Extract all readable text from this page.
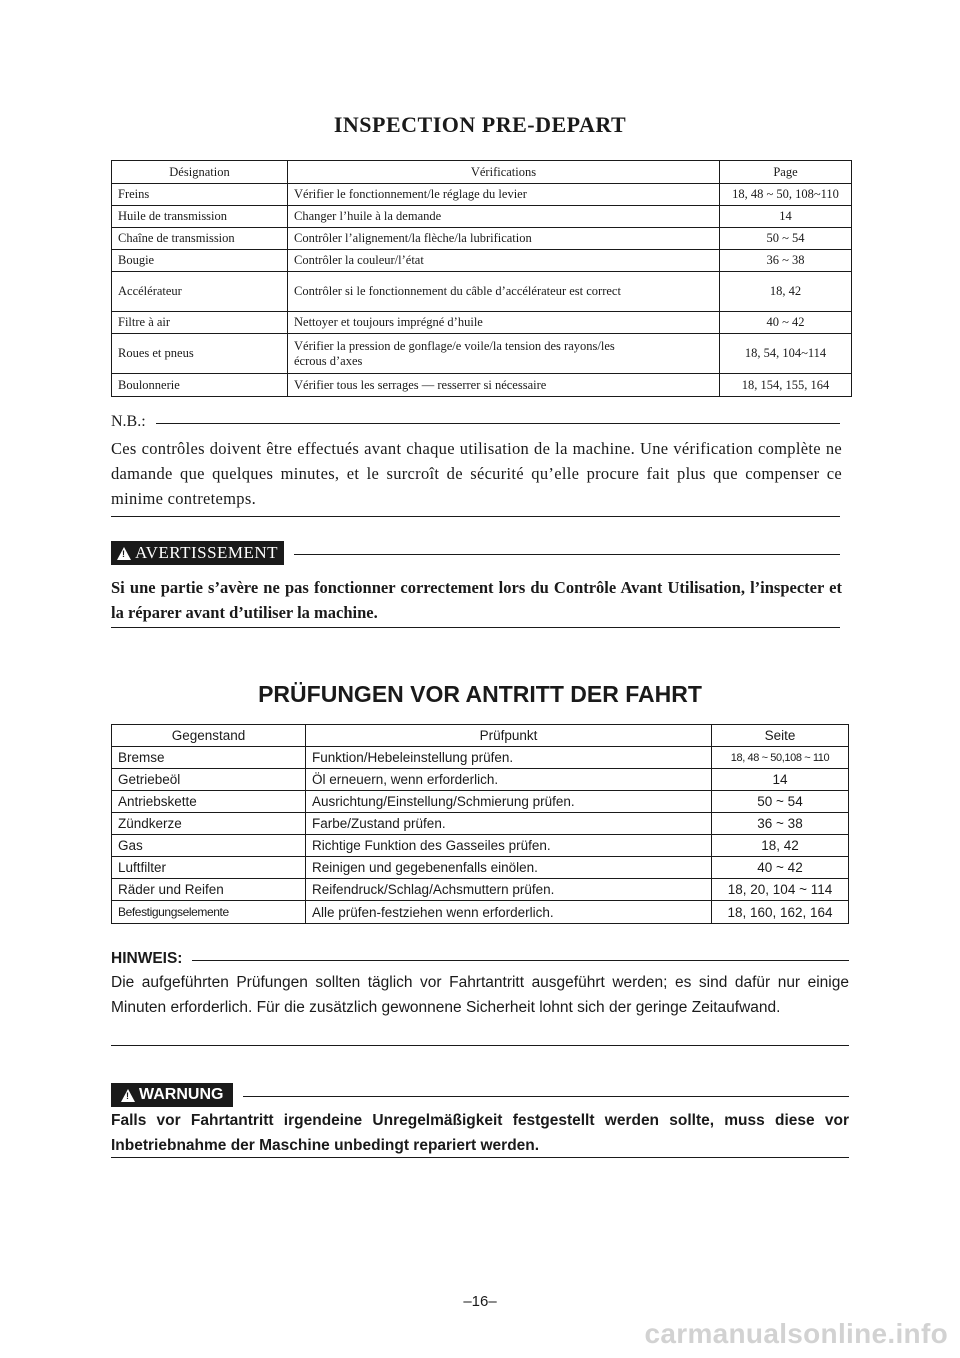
INSPECTION PRE-DEPART
Désignation	Vérifications	Page
Freins	Vérifier le fonctionnement/le réglage du levier	18, 48 ~ 50, 108~110
Huile de transmission	Changer l’huile à la demande	14
Chaîne de transmission	Contrôler l’alignement/la flèche/la lubrification	50 ~ 54
Bougie	Contrôler la couleur/l’état	36 ~ 38
Accélérateur	Contrôler si le fonctionnement du câble d’accélérateur est correct	18, 42
Filtre à air	Nettoyer et toujours imprégné d’huile	40 ~ 42
Roues et pneus	Vérifier la pression de gonflage/e voile/la tension des rayons/les écrous d’axes	18, 54, 104~114
Boulonnerie	Vérifier tous les serrages — resserrer si nécessaire	18, 154, 155, 164
N.B.:
Ces contrôles doivent être effectués avant chaque utilisation de la machine. Une vérification complète ne damande que quelques minutes, et le surcroît de sécurité qu’elle procure fait plus que compenser ce minime contretemps.
! AVERTISSEMENT
Si une partie s’avère ne pas fonctionner correctement lors du Contrôle Avant Utilisation, l’inspecter et la réparer avant d’utiliser la machine.
PRÜFUNGEN VOR ANTRITT DER FAHRT
Gegenstand	Prüfpunkt	Seite
Bremse	Funktion/Hebeleinstellung prüfen.	18, 48 ~ 50,108 ~ 110
Getriebeöl	Öl erneuern, wenn erforderlich.	14
Antriebskette	Ausrichtung/Einstellung/Schmierung prüfen.	50 ~ 54
Zündkerze	Farbe/Zustand prüfen.	36 ~ 38
Gas	Richtige Funktion des Gasseiles prüfen.	18, 42
Luftfilter	Reinigen und gegebenenfalls einölen.	40 ~ 42
Räder und Reifen	Reifendruck/Schlag/Achsmuttern prüfen.	18, 20, 104 ~ 114
Befestigungselemente	Alle prüfen-festziehen wenn erforderlich.	18, 160, 162, 164
HINWEIS:
Die aufgeführten Prüfungen sollten täglich vor Fahrtantritt ausgeführt werden; es sind dafür nur einige Minuten erforderlich. Für die zusätzlich gewonnene Sicherheit lohnt sich der geringe Zeitaufwand.
! WARNUNG
Falls vor Fahrtantritt irgendeine Unregelmäßigkeit festgestellt werden sollte, muss diese vor Inbetriebnahme der Maschine unbedingt repariert werden.
–16–
carmanualsonline.info
